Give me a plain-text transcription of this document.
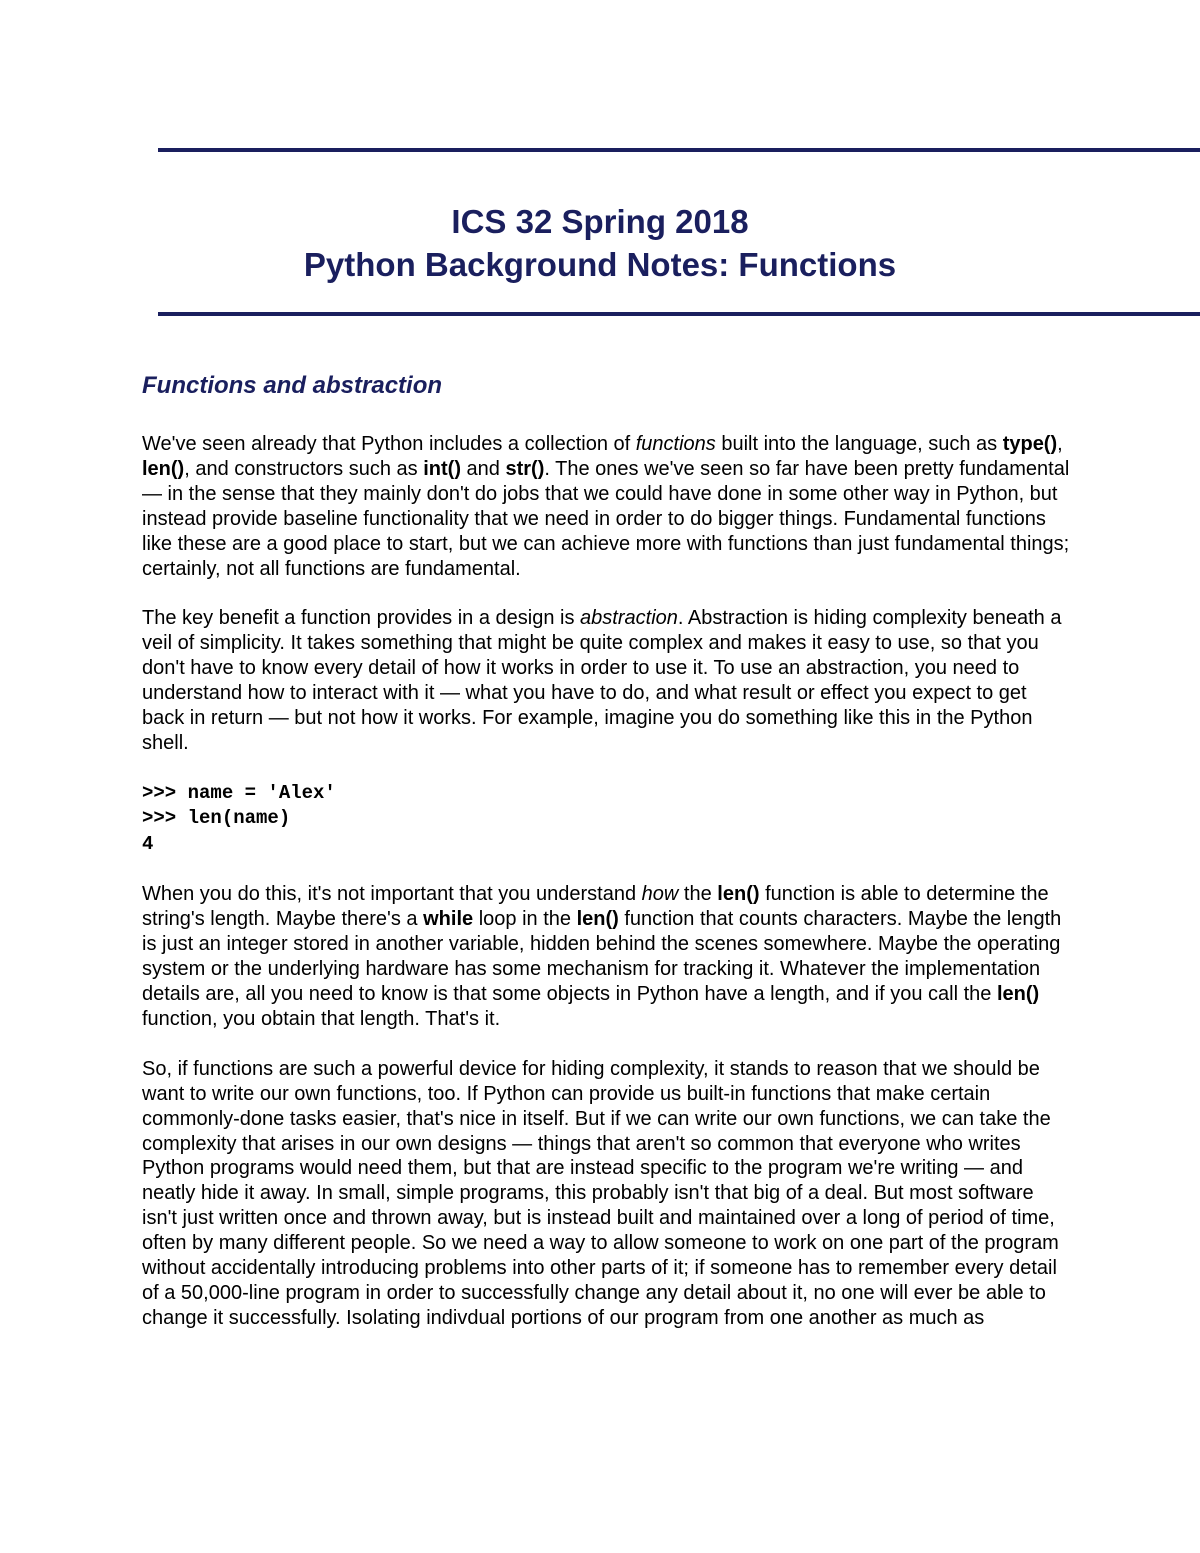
ICS 32 Spring 2018
Python Background Notes: Functions
Functions and abstraction

We've seen already that Python includes a collection of functions built into the language, such as type(), len(), and constructors such as int() and str(). The ones we've seen so far have been pretty fundamental — in the sense that they mainly don't do jobs that we could have done in some other way in Python, but instead provide baseline functionality that we need in order to do bigger things. Fundamental functions like these are a good place to start, but we can achieve more with functions than just fundamental things; certainly, not all functions are fundamental.

The key benefit a function provides in a design is abstraction. Abstraction is hiding complexity beneath a veil of simplicity. It takes something that might be quite complex and makes it easy to use, so that you don't have to know every detail of how it works in order to use it. To use an abstraction, you need to understand how to interact with it — what you have to do, and what result or effect you expect to get back in return — but not how it works. For example, imagine you do something like this in the Python shell.

>>> name = 'Alex'
>>> len(name)
4

When you do this, it's not important that you understand how the len() function is able to determine the string's length. Maybe there's a while loop in the len() function that counts characters. Maybe the length is just an integer stored in another variable, hidden behind the scenes somewhere. Maybe the operating system or the underlying hardware has some mechanism for tracking it. Whatever the implementation details are, all you need to know is that some objects in Python have a length, and if you call the len() function, you obtain that length. That's it.

So, if functions are such a powerful device for hiding complexity, it stands to reason that we should be want to write our own functions, too. If Python can provide us built-in functions that make certain commonly-done tasks easier, that's nice in itself. But if we can write our own functions, we can take the complexity that arises in our own designs — things that aren't so common that everyone who writes Python programs would need them, but that are instead specific to the program we're writing — and neatly hide it away. In small, simple programs, this probably isn't that big of a deal. But most software isn't just written once and thrown away, but is instead built and maintained over a long of period of time, often by many different people. So we need a way to allow someone to work on one part of the program without accidentally introducing problems into other parts of it; if someone has to remember every detail of a 50,000-line program in order to successfully change any detail about it, no one will ever be able to change it successfully. Isolating indivdual portions of our program from one another as much as
